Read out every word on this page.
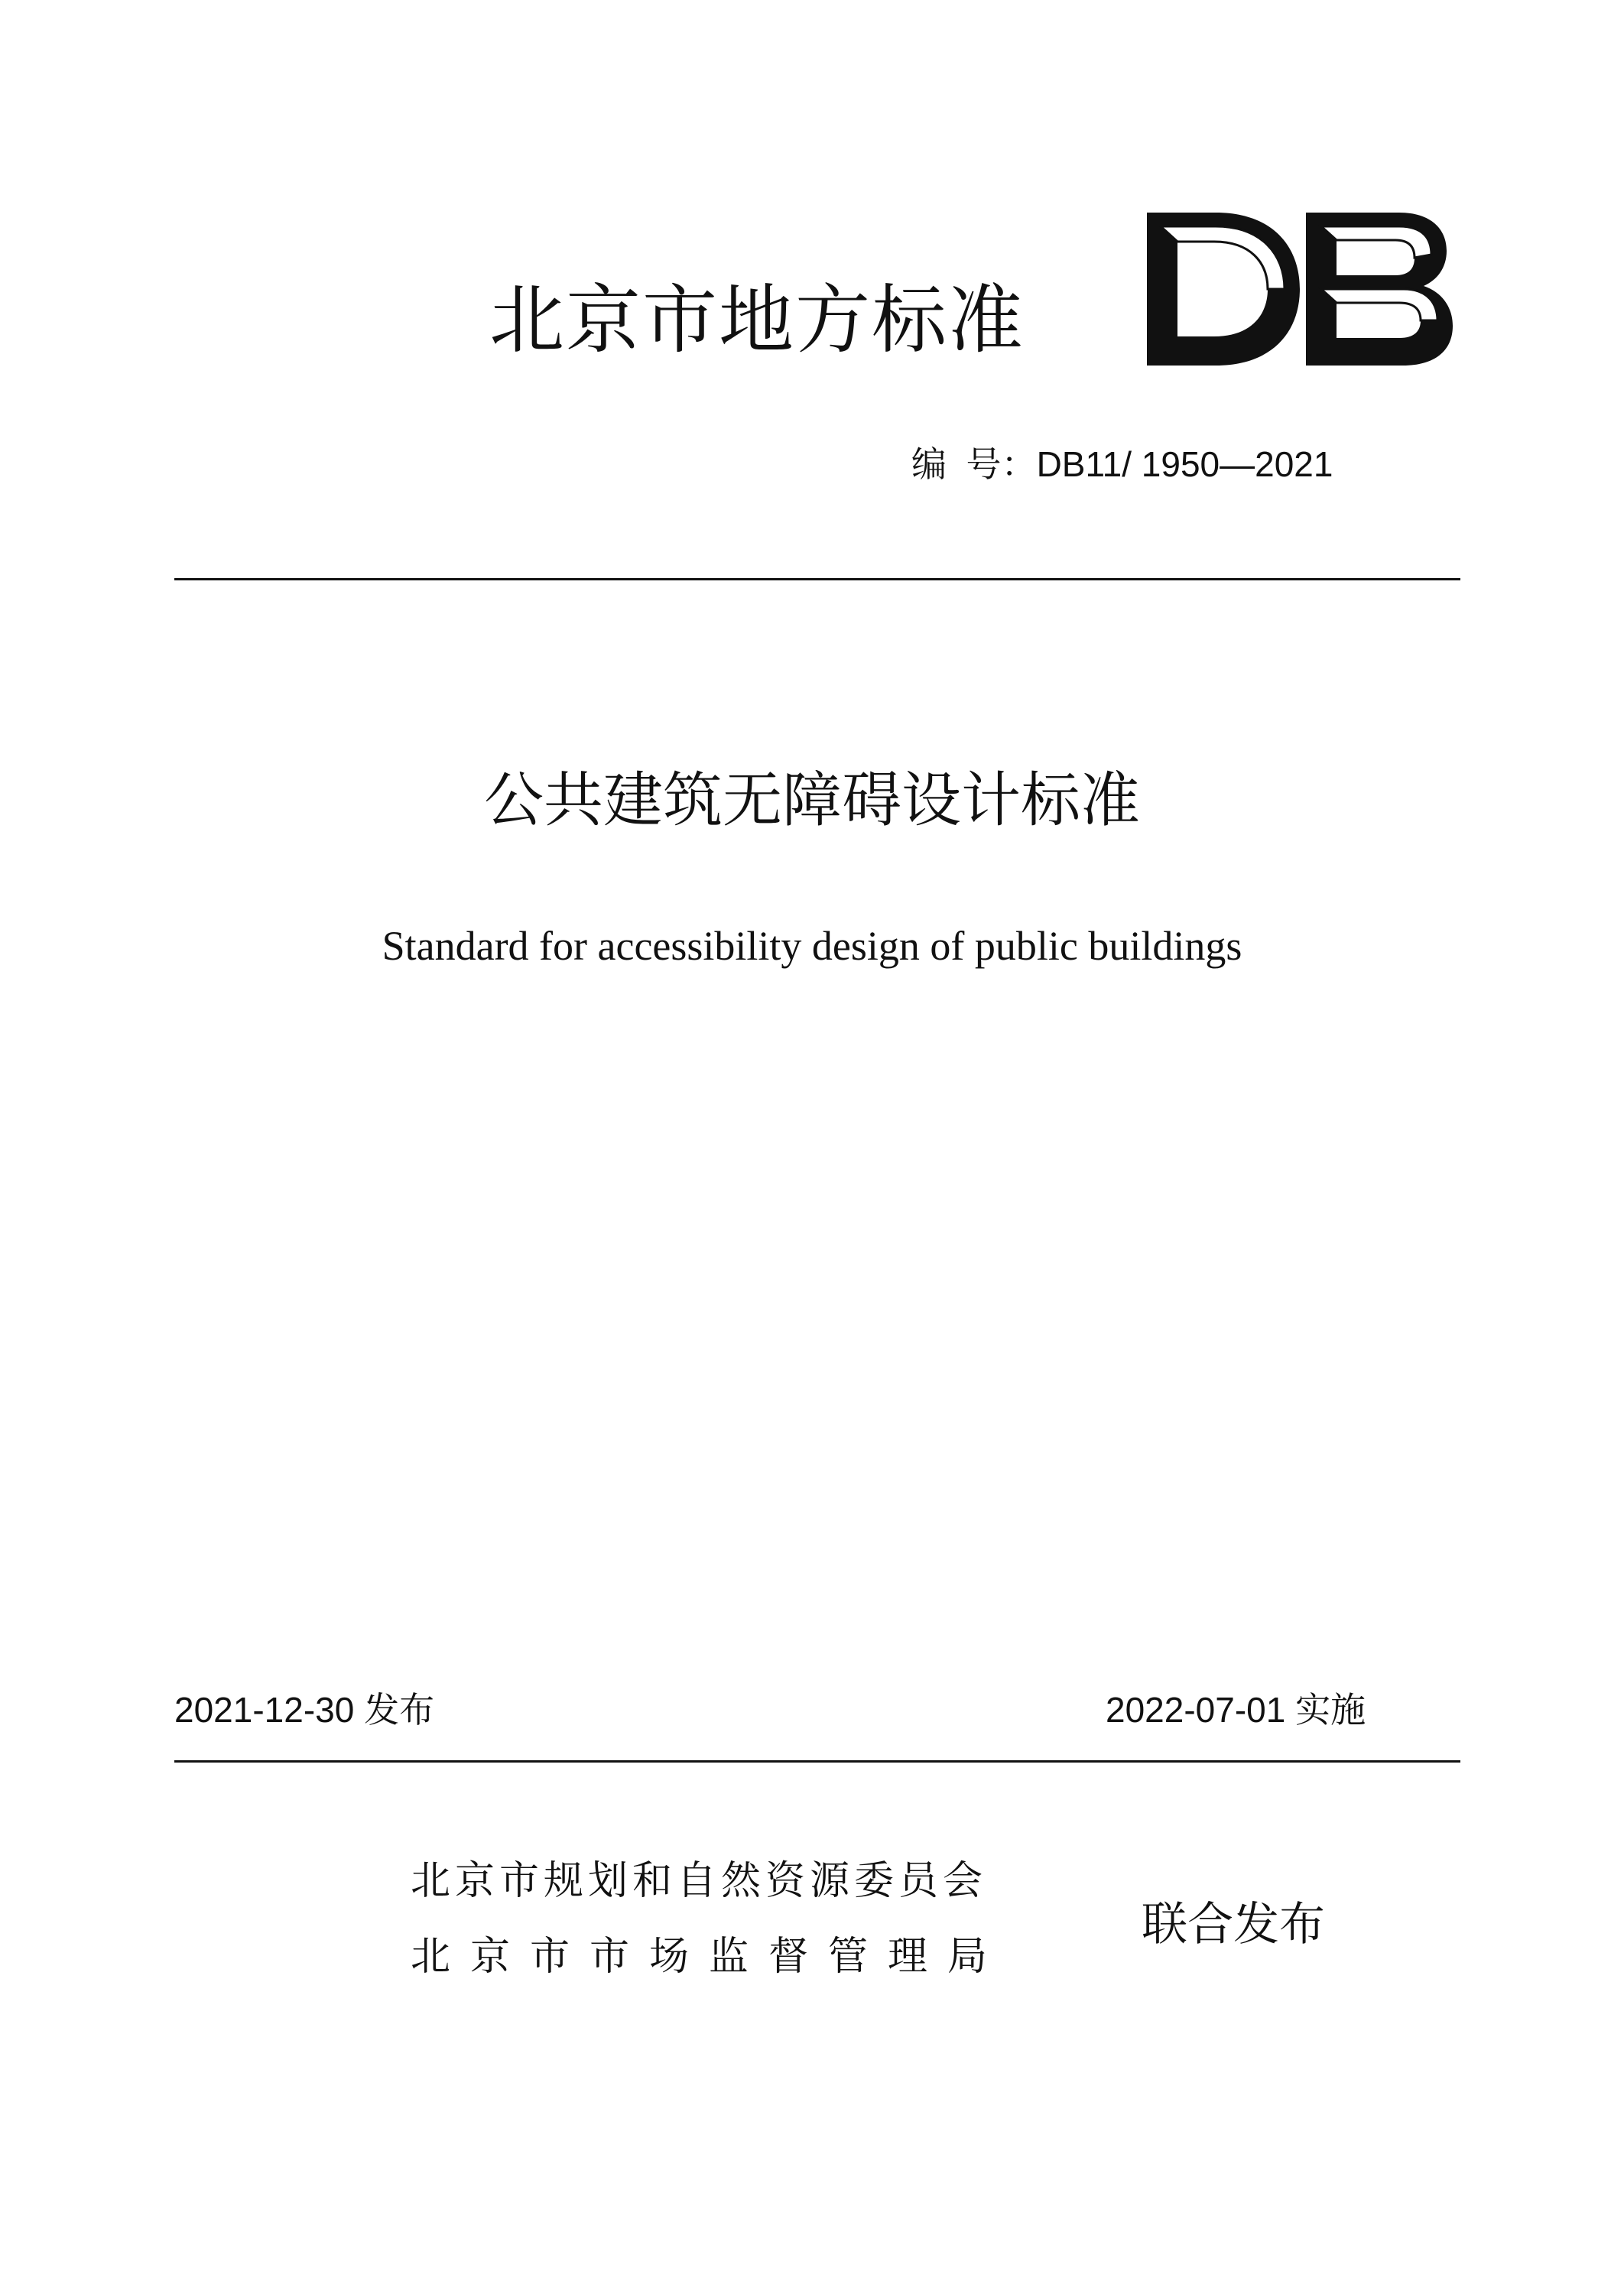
北京市地方标准
编  号：DB11/ 1950—2021
公共建筑无障碍设计标准
Standard for accessibility design of public buildings
2021-12-30 发布	2022-07-01 实施
北京市规划和自然资源委员会
北京市市场监督管理局
联合发布
